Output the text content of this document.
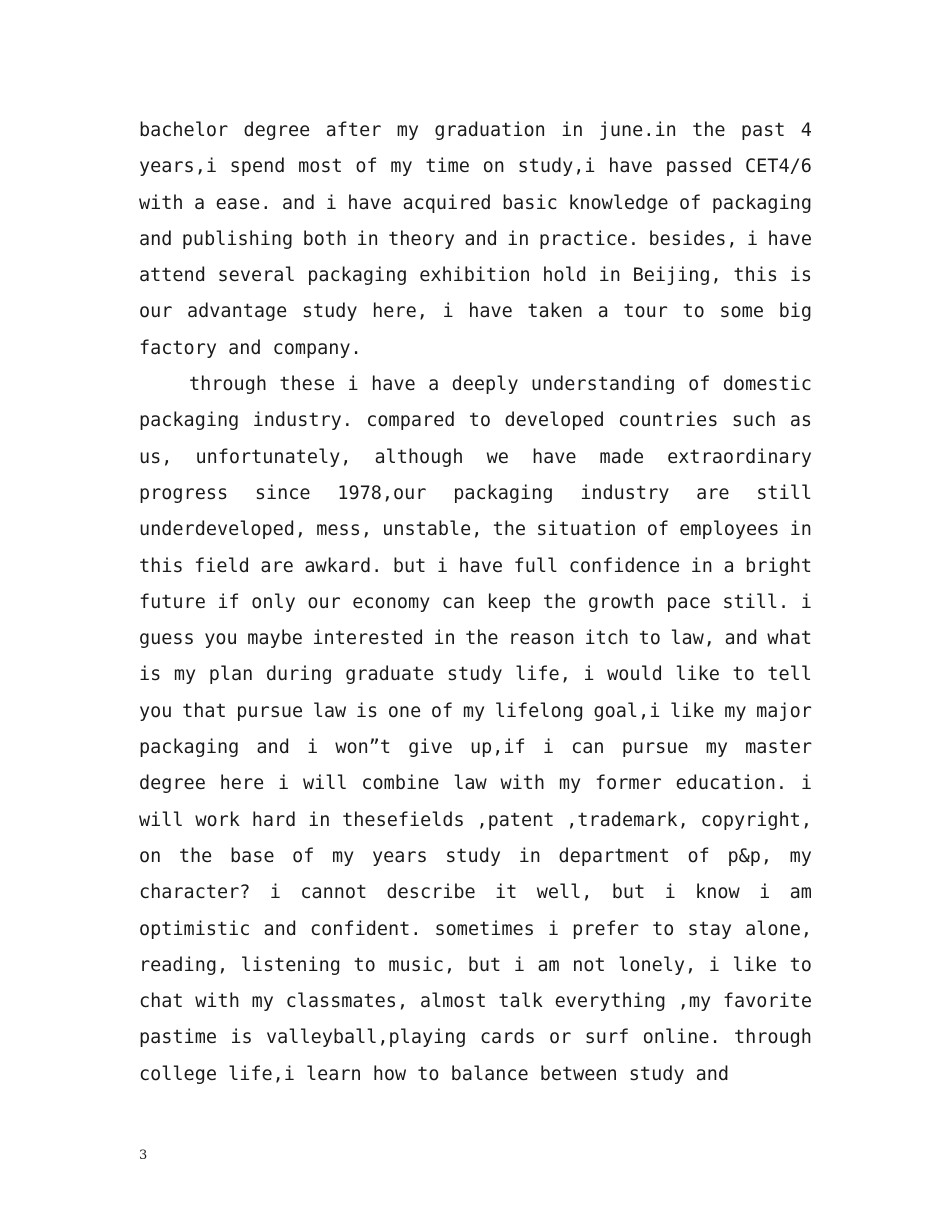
bachelor degree after my graduation in june.in the past 4
years,i spend most of my time on study,i have passed CET4/6
with a ease. and i have acquired basic knowledge of packaging
and publishing both in theory and in practice. besides, i have
attend several packaging exhibition hold in Beijing, this is
our advantage study here, i have taken a tour to some big
factory and company.
through these i have a deeply understanding of domestic
packaging industry. compared to developed countries such as
us, unfortunately, although we have made extraordinary
progress since 1978,our packaging industry are still
underdeveloped, mess, unstable, the situation of employees in
this field are awkard. but i have full confidence in a bright
future if only our economy can keep the growth pace still. i
guess you maybe interested in the reason itch to law, and what
is my plan during graduate study life, i would like to tell
you that pursue law is one of my lifelong goal,i like my major
packaging and i won”t give up,if i can pursue my master
degree here i will combine law with my former education. i
will work hard in thesefields ,patent ,trademark, copyright,
on the base of my years study in department of p&p, my
character? i cannot describe it well, but i know i am
optimistic and confident. sometimes i prefer to stay alone,
reading, listening to music, but i am not lonely, i like to
chat with my classmates, almost talk everything ,my favorite
pastime is valleyball,playing cards or surf online. through
college life,i learn how to balance between study and
3
